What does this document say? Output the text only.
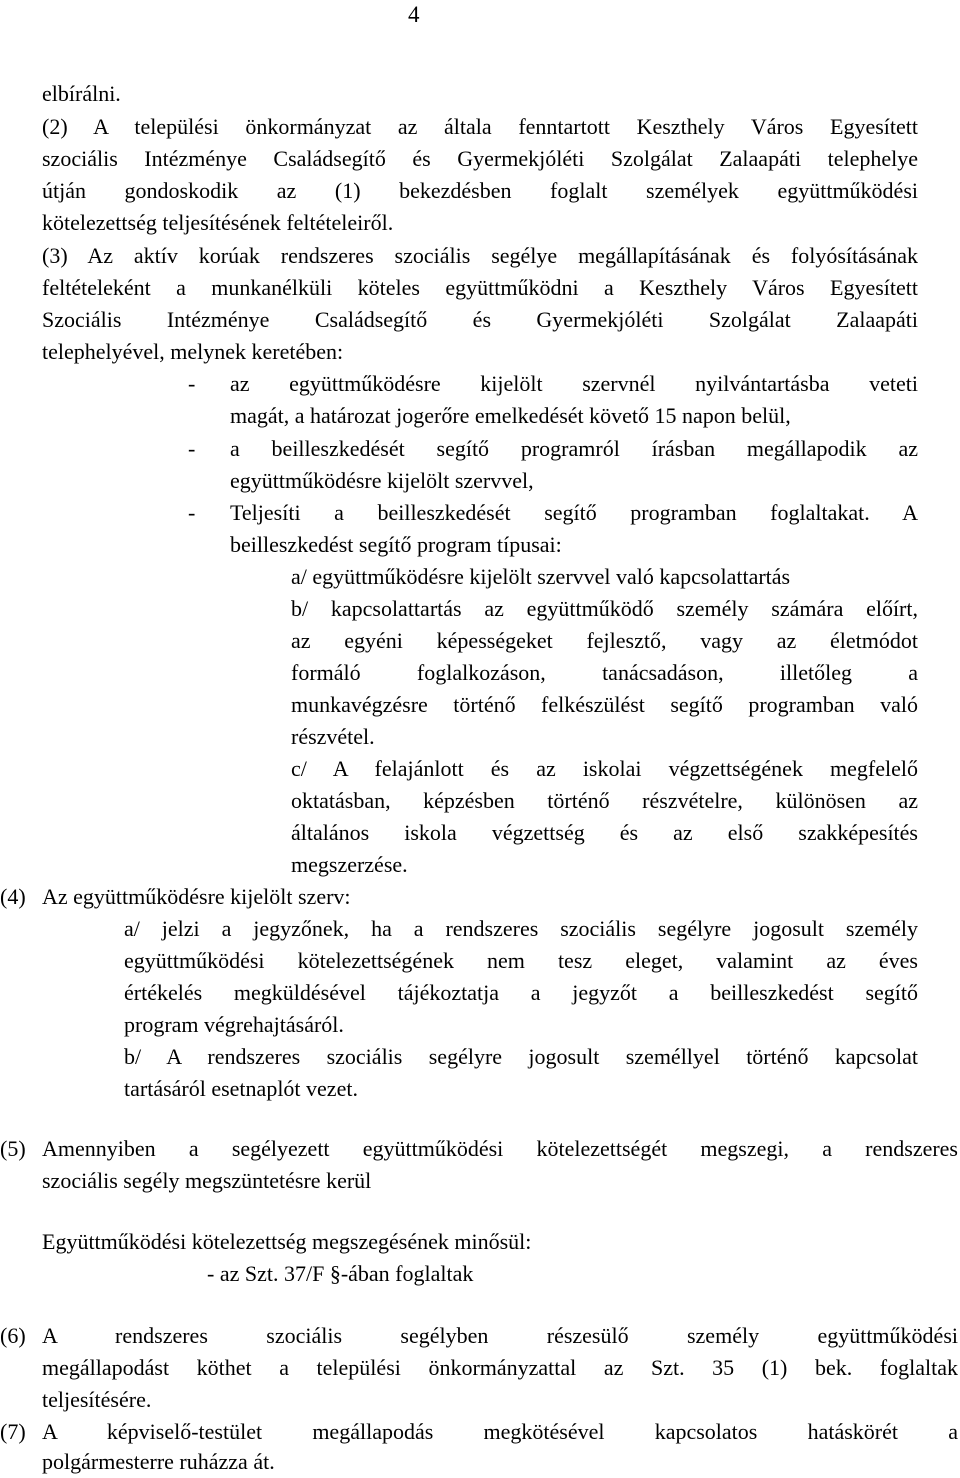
4
elbírálni.
(2) A települési önkormányzat az általa fenntartott Keszthely Város Egyesített
szociális Intézménye Családsegítő és Gyermekjóléti Szolgálat Zalaapáti telephelye
útján gondoskodik az (1) bekezdésben foglalt személyek együttműködési
kötelezettség teljesítésének feltételeiről.
(3) Az aktív korúak rendszeres szociális segélye megállapításának és folyósításának
feltételeként a munkanélküli köteles együttműködni a Keszthely Város Egyesített
Szociális Intézménye Családsegítő és Gyermekjóléti Szolgálat Zalaapáti
telephelyével, melynek keretében:
-	az együttműködésre kijelölt szervnél nyilvántartásba veteti
magát, a határozat jogerőre emelkedését követő 15 napon belül,
-	a beilleszkedését segítő programról írásban megállapodik az
együttműködésre kijelölt szervvel,
-	Teljesíti a beilleszkedését segítő programban foglaltakat. A
beilleszkedést segítő program típusai:
a/ együttműködésre kijelölt szervvel való kapcsolattartás
b/ kapcsolattartás az együttműködő személy számára előírt,
az egyéni képességeket fejlesztő, vagy az életmódot
formáló foglalkozáson, tanácsadáson, illetőleg a
munkavégzésre történő felkészülést segítő programban való
részvétel.
c/ A felajánlott és az iskolai végzettségének megfelelő
oktatásban, képzésben történő részvételre, különösen az
általános iskola végzettség és az első szakképesítés
megszerzése.
(4) Az együttműködésre kijelölt szerv:
a/ jelzi a jegyzőnek, ha a rendszeres szociális segélyre jogosult személy
együttműködési kötelezettségének nem tesz eleget, valamint az éves
értékelés megküldésével tájékoztatja a jegyzőt a beilleszkedést segítő
program végrehajtásáról.
b/ A rendszeres szociális segélyre jogosult személlyel történő kapcsolat
tartásáról esetnaplót vezet.
(5) Amennyiben a segélyezett együttműködési kötelezettségét megszegi, a rendszeres
szociális segély megszüntetésre kerül
Együttműködési kötelezettség megszegésének minősül:
- az Szt. 37/F §-ában foglaltak
(6) A rendszeres szociális segélyben részesülő személy együttműködési
megállapodást köthet a települési önkormányzattal az Szt. 35 (1) bek. foglaltak
teljesítésére.
(7) A képviselő-testület megállapodás megkötésével kapcsolatos hatáskörét a
polgármesterre ruházza át.
